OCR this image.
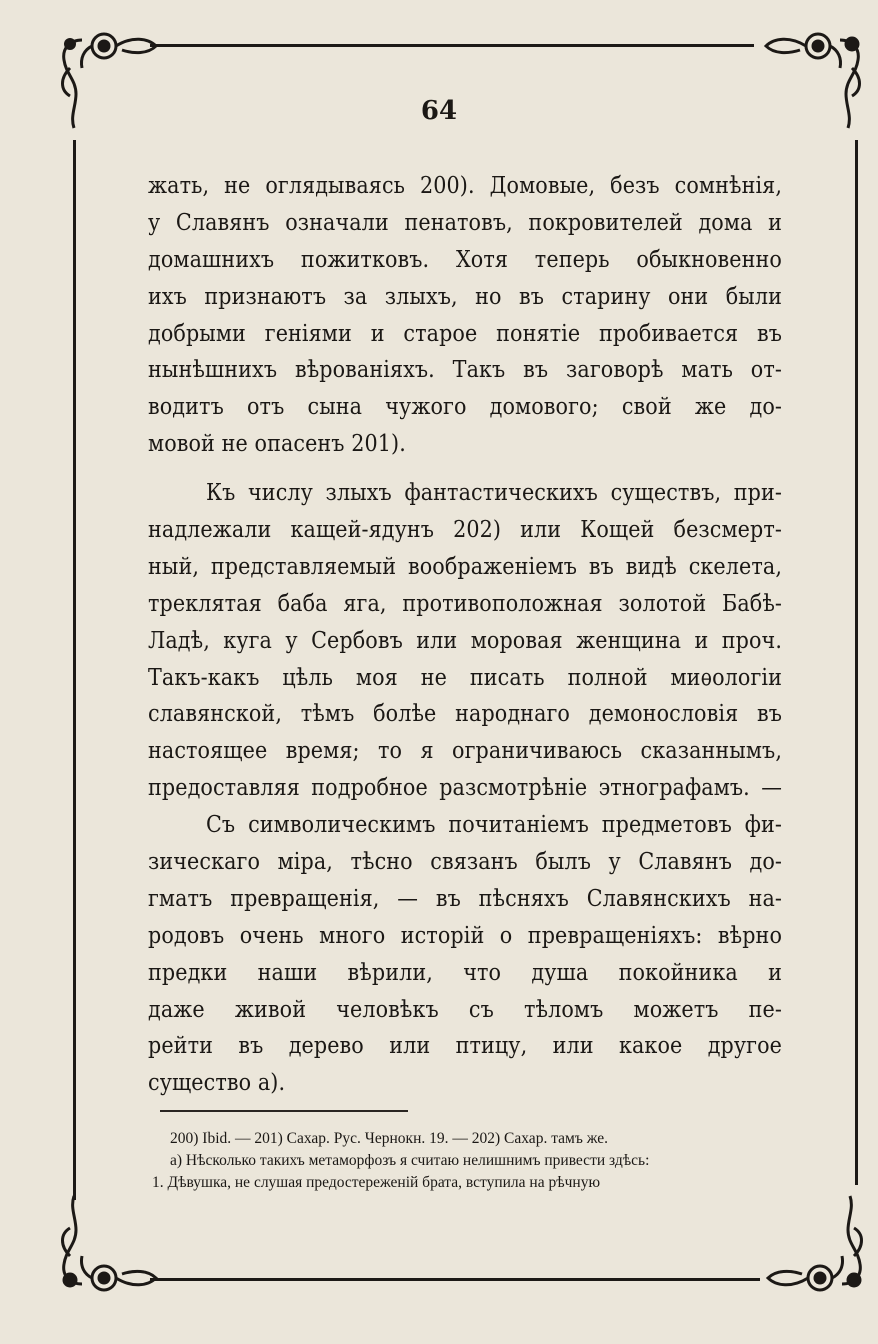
64
жать, не оглядываясь 200). Домовые, безъ сомнѣнія,
у Славянъ означали пенатовъ, покровителей дома и
домашнихъ пожитковъ. Хотя теперь обыкновенно
ихъ признаютъ за злыхъ, но въ старину они были
добрыми геніями и старое понятіе пробивается въ
нынѣшнихъ вѣрованіяхъ. Такъ въ заговорѣ мать от-
водитъ отъ сына чужого домового; свой же до-
мовой не опасенъ 201).
Къ числу злыхъ фантастическихъ существъ, при-
надлежали кащей-ядунъ 202) или Кощей безсмерт-
ный, представляемый воображеніемъ въ видѣ скелета,
треклятая баба яга, противоположная золотой Бабѣ-
Ладѣ, куга у Сербовъ или моровая женщина и проч.
Такъ-какъ цѣль моя не писать полной миѳологіи
славянской, тѣмъ болѣе народнаго демонословія въ
настоящее время; то я ограничиваюсь сказаннымъ,
предоставляя подробное разсмотрѣніе этнографамъ. —
Съ символическимъ почитаніемъ предметовъ фи-
зическаго міра, тѣсно связанъ былъ у Славянъ до-
гматъ превращенія, — въ пѣсняхъ Славянскихъ на-
родовъ очень много исторій о превращеніяхъ: вѣрно
предки наши вѣрили, что душа покойника и
даже живой человѣкъ съ тѣломъ можетъ пе-
рейти въ дерево или птицу, или какое другое
существо а).
200) Ibid. — 201) Сахар. Рус. Чернокн. 19. — 202) Сахар. тамъ же.
а) Нѣсколько такихъ метаморфозъ я считаю нелишнимъ привести здѣсь:
1. Дѣвушка, не слушая предостереженій брата, вступила на рѣчную
